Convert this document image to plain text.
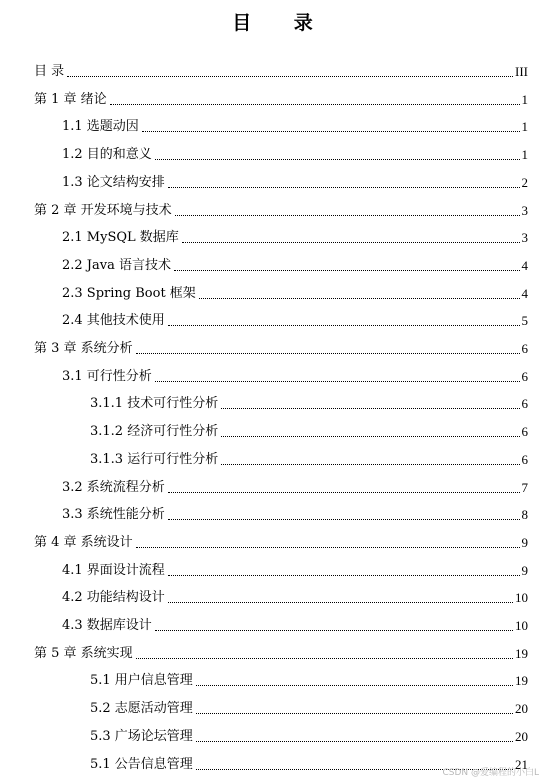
目 录
目 录	III
第 1 章 绪论	1
1.1 选题动因	1
1.2 目的和意义	1
1.3 论文结构安排	2
第 2 章 开发环境与技术	3
2.1 MySQL 数据库	3
2.2 Java 语言技术	4
2.3 Spring Boot 框架	4
2.4 其他技术使用	5
第 3 章 系统分析	6
3.1 可行性分析	6
3.1.1 技术可行性分析	6
3.1.2 经济可行性分析	6
3.1.3 运行可行性分析	6
3.2 系统流程分析	7
3.3 系统性能分析	8
第 4 章 系统设计	9
4.1 界面设计流程	9
4.2 功能结构设计	10
4.3 数据库设计	10
第 5 章 系统实现	19
5.1 用户信息管理	19
5.2 志愿活动管理	20
5.3 广场论坛管理	20
5.1 公告信息管理	21
CSDN @爱编程的小白L
